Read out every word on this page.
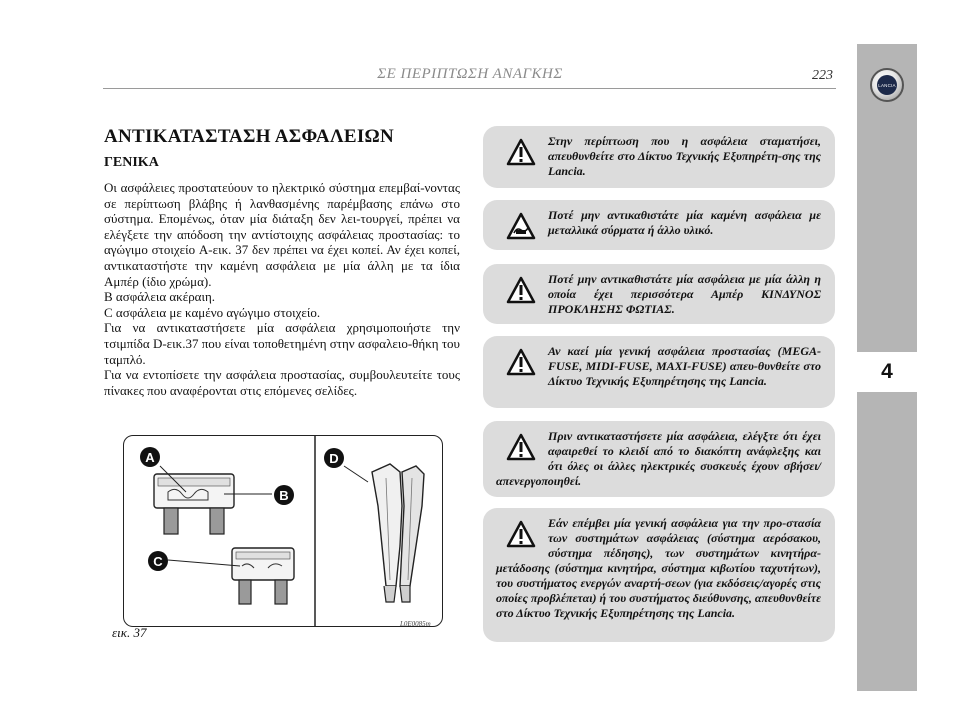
ΣΕ ΠΕΡΙΠΤΩΣΗ ΑΝΑΓΚΗΣ	223
LANCIA
4
ΑΝΤΙΚΑΤΑΣΤΑΣΗ ΑΣΦΑΛΕΙΩΝ
ΓΕΝΙΚΑ

Οι ασφάλειες προστατεύουν το ηλεκτρικό σύστημα επεμβαί-νοντας σε περίπτωση βλάβης ή λανθασμένης παρέμβασης επάνω στο σύστημα. Επομένως, όταν μία διάταξη δεν λει-τουργεί, πρέπει να ελέγξετε την απόδοση την αντίστοιχης ασφάλειας προστασίας: το αγώγιμο στοιχείο A-εικ. 37 δεν πρέπει να έχει κοπεί. Αν έχει κοπεί, αντικαταστήστε την καμένη ασφάλεια με μία άλλη με τα ίδια Αμπέρ (ίδιο χρώμα).

B ασφάλεια ακέραιη.

C ασφάλεια με καμένο αγώγιμο στοιχείο.

Για να αντικαταστήσετε μία ασφάλεια χρησιμοποιήστε την τσιμπίδα D-εικ.37 που είναι τοποθετημένη στην ασφαλειο-θήκη του ταμπλό.

Για να εντοπίσετε την ασφάλεια προστασίας, συμβουλευτείτε τους πίνακες που αναφέρονται στις επόμενες σελίδες.

A
B
C
D
εικ. 37
L0E0085m
Στην περίπτωση που η ασφάλεια σταματήσει, απευθυνθείτε στο Δίκτυο Τεχνικής Εξυπηρέτη-σης της Lancia.
Ποτέ μην αντικαθιστάτε μία καμένη ασφάλεια με μεταλλικά σύρματα ή άλλο υλικό.
Ποτέ μην αντικαθιστάτε μία ασφάλεια με μία άλλη η οποία έχει περισσότερα Αμπέρ ΚΙΝΔΥΝΟΣ ΠΡΟΚΛΗΣΗΣ ΦΩΤΙΑΣ.
Αν καεί μία γενική ασφάλεια προστασίας (MEGA-FUSE, MIDI-FUSE, MAXI-FUSE) απευ-θυνθείτε στο Δίκτυο Τεχνικής Εξυπηρέτησης της Lancia.
Πριν αντικαταστήσετε μία ασφάλεια, ελέγξτε ότι έχει αφαιρεθεί το κλειδί από το διακόπτη ανάφλεξης και ότι όλες οι άλλες ηλεκτρικές συσκευές έχουν σβήσει/απενεργοποιηθεί.
Εάν επέμβει μία γενική ασφάλεια για την προ-στασία των συστημάτων ασφάλειας (σύστημα αερόσακου, σύστημα πέδησης), των συστημάτων κινητήρα-μετάδοσης (σύστημα κινητήρα, σύστημα κιβωτίου ταχυτήτων), του συστήματος ενεργών αναρτή-σεων (για εκδόσεις/αγορές στις οποίες προβλέπεται) ή του συστήματος διεύθυνσης, απευθυνθείτε στο Δίκτυο Τεχνικής Εξυπηρέτησης της Lancia.
